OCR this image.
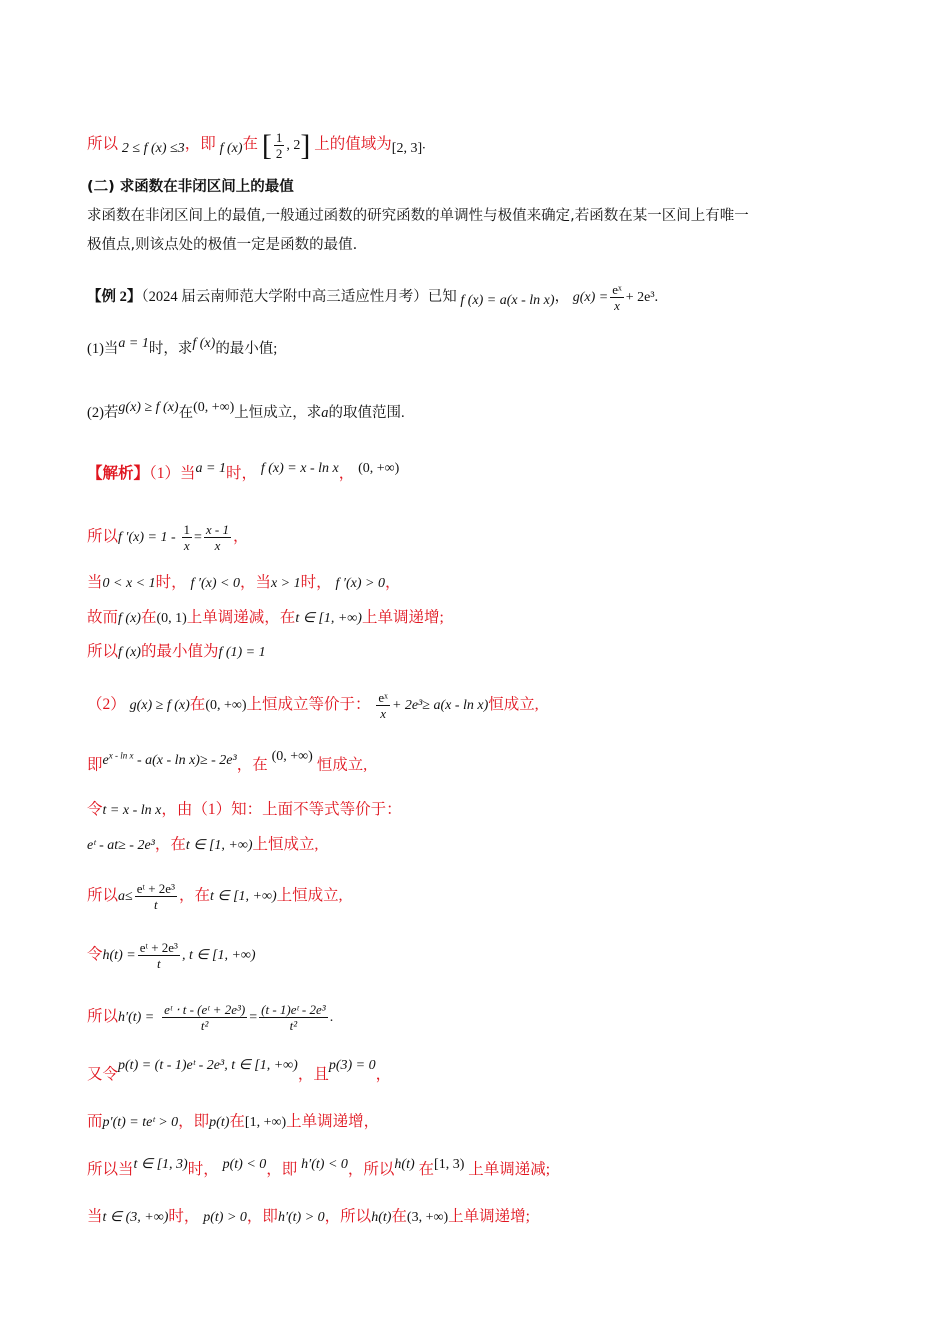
所以 2 ≤ f (x) ≤3，即 f (x)在 [ $\frac{1}{2}$ , 2] 上的值域为[2, 3].
(二) 求函数在非闭区间上的最值
求函数在非闭区间上的最值,一般通过函数的研究函数的单调性与极值来确定,若函数在某一区间上有唯一
极值点,则该点处的极值一定是函数的最值.
【例 2】（2024 届云南师范大学附中高三适应性月考）已知 f (x) = a(x - ln x)， $g(x) = \frac{\text{eˣ}}{x} + 2e^3$.
(1)当a = 1时，求f (x)的最小值;
(2)若g(x) ≥ f (x)在(0, +∞)上恒成立，求a的取值范围.
【解析】（1）当a = 1时， f (x) = x - ln x， (0, +∞)
所以f $'(x) = 1 - \frac{1}{x} = \frac{x - 1}{x}$ ，
当0 < x < 1时， f ′(x) < 0，当x > 1时， f ′(x) > 0，
故而f (x)在(0, 1)上单调递减，在t ∈ [1, +∞)上单调递增;
所以f (x)的最小值为f (1) = 1
（2） g(x) ≥ f (x)在(0, +∞)上恒成立等价于： $\frac{\text{eˣ}}{x} + 2e^3\ge a(x - \ln x)$恒成立,
即$e^{x - ln x} - a(x - \ln x)\ge - 2e^3$，在 (0, +∞) 恒成立,
令t = x - ln x，由（1）知：上面不等式等价于：
eᵗ - at≥ - 2e³，在t ∈ [1, +∞)上恒成立,
所以$a\le \frac{\text{eᵗ + 2e³}}{t}$ ，在t ∈ [1, +∞)上恒成立,
令$h(t) = \frac{\text{eᵗ + 2e³}}{t}$ , t ∈ [1, +∞)
所以$h'(t) = \frac{\text{eᵗ ⋅ t - (eᵗ + 2e³)}}{\text{t²}} = \frac{\text{(t - 1)eᵗ - 2e³}}{\text{t²}}$ .
又令p(t) = (t - 1)eᵗ - 2e³, t ∈ [1, +∞)，且p(3) = 0，
而p′(t) = teᵗ > 0，即p(t)在[1, +∞)上单调递增，
所以当t ∈ [1, 3)时， p(t) < 0，即 h′(t) < 0，所以h(t) 在[1, 3) 上单调递减;
当t ∈ (3, +∞)时， p(t) > 0，即h′(t) > 0，所以h(t)在(3, +∞)上单调递增;
